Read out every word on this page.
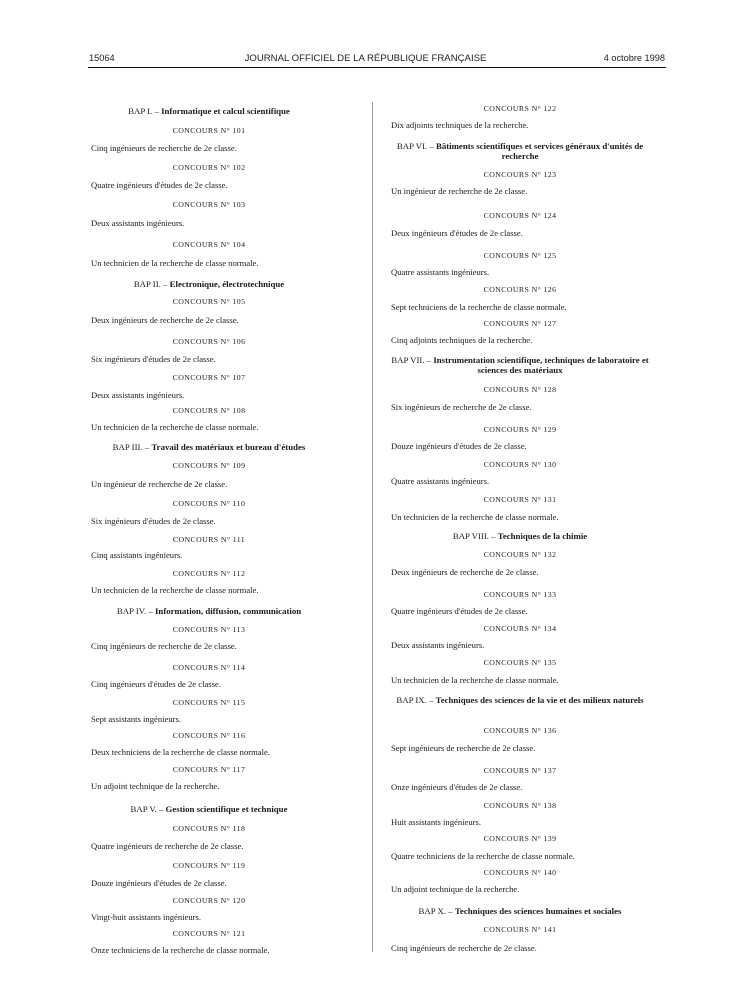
15064	JOURNAL OFFICIEL DE LA RÉPUBLIQUE FRANÇAISE	4 octobre 1998
BAP I. – Informatique et calcul scientifique
CONCOURS N° 101
Cinq ingénieurs de recherche de 2e classe.
CONCOURS N° 102
Quatre ingénieurs d'études de 2e classe.
CONCOURS N° 103
Deux assistants ingénieurs.
CONCOURS N° 104
Un technicien de la recherche de classe normale.
BAP II. – Electronique, électrotechnique
CONCOURS N° 105
Deux ingénieurs de recherche de 2e classe.
CONCOURS N° 106
Six ingénieurs d'études de 2e classe.
CONCOURS N° 107
Deux assistants ingénieurs.
CONCOURS N° 108
Un technicien de la recherche de classe normale.
BAP III. – Travail des matériaux et bureau d'études
CONCOURS N° 109
Un ingénieur de recherche de 2e classe.
CONCOURS N° 110
Six ingénieurs d'études de 2e classe.
CONCOURS N° 111
Cinq assistants ingénieurs.
CONCOURS N° 112
Un technicien de la recherche de classe normale.
BAP IV. – Information, diffusion, communication
CONCOURS N° 113
Cinq ingénieurs de recherche de 2e classe.
CONCOURS N° 114
Cinq ingénieurs d'études de 2e classe.
CONCOURS N° 115
Sept assistants ingénieurs.
CONCOURS N° 116
Deux techniciens de la recherche de classe normale.
CONCOURS N° 117
Un adjoint technique de la recherche.
BAP V. – Gestion scientifique et technique
CONCOURS N° 118
Quatre ingénieurs de recherche de 2e classe.
CONCOURS N° 119
Douze ingénieurs d'études de 2e classe.
CONCOURS N° 120
Vingt-huit assistants ingénieurs.
CONCOURS N° 121
Onze techniciens de la recherche de classe normale.
CONCOURS N° 122
Dix adjoints techniques de la recherche.
BAP VI. – Bâtiments scientifiques et services généraux d'unités de recherche
CONCOURS N° 123
Un ingénieur de recherche de 2e classe.
CONCOURS N° 124
Deux ingénieurs d'études de 2e classe.
CONCOURS N° 125
Quatre assistants ingénieurs.
CONCOURS N° 126
Sept techniciens de la recherche de classe normale.
CONCOURS N° 127
Cinq adjoints techniques de la recherche.
BAP VII. – Instrumentation scientifique, techniques de laboratoire et sciences des matériaux
CONCOURS N° 128
Six ingénieurs de recherche de 2e classe.
CONCOURS N° 129
Douze ingénieurs d'études de 2e classe.
CONCOURS N° 130
Quatre assistants ingénieurs.
CONCOURS N° 131
Un technicien de la recherche de classe normale.
BAP VIII. – Techniques de la chimie
CONCOURS N° 132
Deux ingénieurs de recherche de 2e classe.
CONCOURS N° 133
Quatre ingénieurs d'études de 2e classe.
CONCOURS N° 134
Deux assistants ingénieurs.
CONCOURS N° 135
Un technicien de la recherche de classe normale.
BAP IX. – Techniques des sciences de la vie et des milieux naturels
CONCOURS N° 136
Sept ingénieurs de recherche de 2e classe.
CONCOURS N° 137
Onze ingénieurs d'études de 2e classe.
CONCOURS N° 138
Huit assistants ingénieurs.
CONCOURS N° 139
Quatre techniciens de la recherche de classe normale.
CONCOURS N° 140
Un adjoint technique de la recherche.
BAP X. – Techniques des sciences humaines et sociales
CONCOURS N° 141
Cinq ingénieurs de recherche de 2e classe.
